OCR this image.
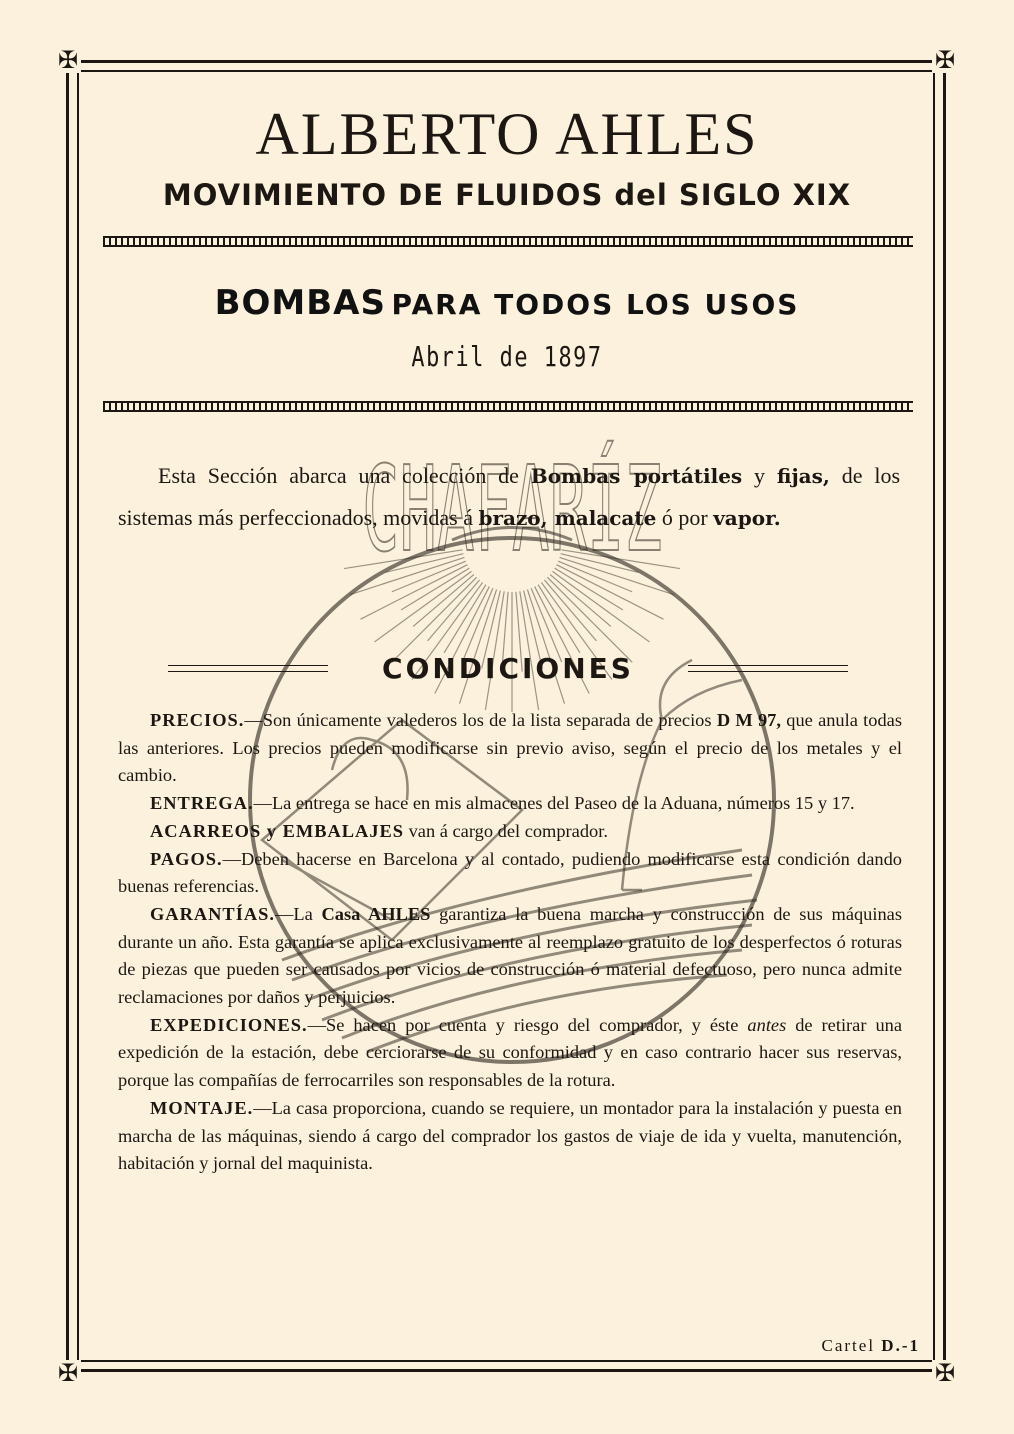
✠	✠
✠	✠
ALBERTO AHLES
MOVIMIENTO DE FLUIDOS del SIGLO XIX
BOMBAS PARA TODOS LOS USOS
Abril de 1897
CHAFARÍZ
Esta Sección abarca una colección de Bombas portátiles y fijas, de los sistemas más perfeccionados, movidas á brazo, malacate ó por vapor.
CONDICIONES

PRECIOS.—Son únicamente valederos los de la lista separada de precios D M 97, que anula todas las anteriores. Los precios pueden modificarse sin previo aviso, según el precio de los metales y el cambio.

ENTREGA.—La entrega se hace en mis almacenes del Paseo de la Aduana, números 15 y 17.

ACARREOS y EMBALAJES van á cargo del comprador.

PAGOS.—Deben hacerse en Barcelona y al contado, pudiendo modificarse esta condición dando buenas referencias.

GARANTÍAS.—La Casa AHLES garantiza la buena marcha y construcción de sus máquinas durante un año. Esta garantía se aplica exclusivamente al reemplazo gratuito de los desperfectos ó roturas de piezas que pueden ser causados por vicios de construcción ó material defectuoso, pero nunca admite reclamaciones por daños y perjuicios.

EXPEDICIONES.—Se hacen por cuenta y riesgo del comprador, y éste antes de retirar una expedición de la estación, debe cerciorarse de su conformidad y en caso contrario hacer sus reservas, porque las compañías de ferrocarriles son responsables de la rotura.

MONTAJE.—La casa proporciona, cuando se requiere, un montador para la instalación y puesta en marcha de las máquinas, siendo á cargo del comprador los gastos de viaje de ida y vuelta, manutención, habitación y jornal del maquinista.

Cartel D.-1
